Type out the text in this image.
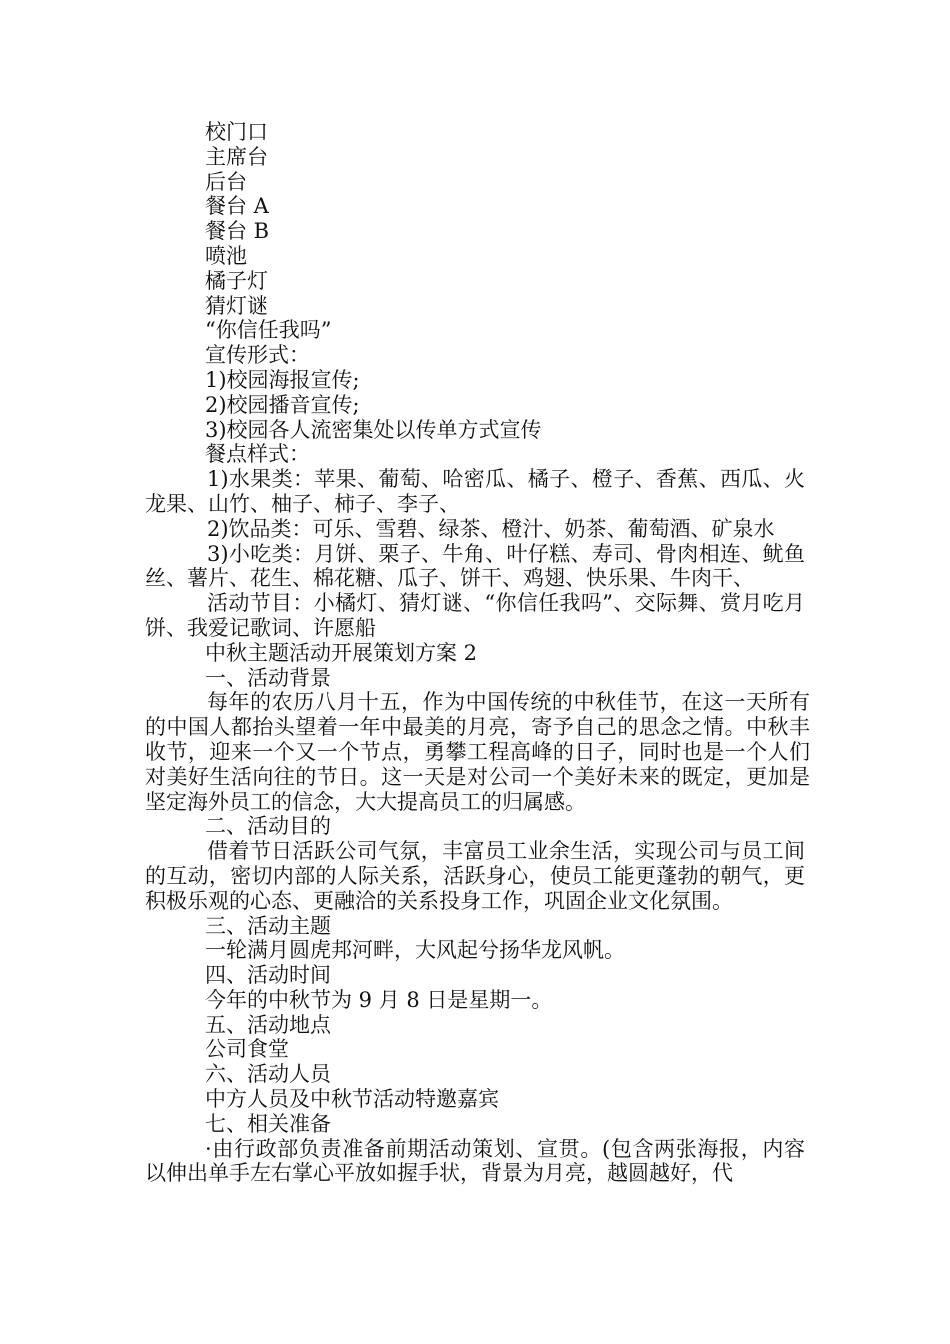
校门口

主席台

后台

餐台 A

餐台 B

喷池

橘子灯

猜灯谜

“你信任我吗”

宣传形式：

1)校园海报宣传;

2)校园播音宣传;

3)校园各人流密集处以传单方式宣传

餐点样式：

1)水果类：苹果、葡萄、哈密瓜、橘子、橙子、香蕉、西瓜、火龙果、山竹、柚子、柿子、李子、

2)饮品类：可乐、雪碧、绿茶、橙汁、奶茶、葡萄酒、矿泉水

3)小吃类：月饼、栗子、牛角、叶仔糕、寿司、骨肉相连、鱿鱼丝、薯片、花生、棉花糖、瓜子、饼干、鸡翅、快乐果、牛肉干、

活动节目：小橘灯、猜灯谜、“你信任我吗”、交际舞、赏月吃月饼、我爱记歌词、许愿船

中秋主题活动开展策划方案 2

一、活动背景

每年的农历八月十五，作为中国传统的中秋佳节，在这一天所有的中国人都抬头望着一年中最美的月亮，寄予自己的思念之情。中秋丰收节，迎来一个又一个节点，勇攀工程高峰的日子，同时也是一个人们对美好生活向往的节日。这一天是对公司一个美好未来的既定，更加是坚定海外员工的信念，大大提高员工的归属感。

二、活动目的

借着节日活跃公司气氛，丰富员工业余生活，实现公司与员工间的互动，密切内部的人际关系，活跃身心，使员工能更蓬勃的朝气，更积极乐观的心态、更融洽的关系投身工作，巩固企业文化氛围。

三、活动主题

一轮满月圆虎邦河畔，大风起兮扬华龙风帆。

四、活动时间

今年的中秋节为 9 月 8 日是星期一。

五、活动地点

公司食堂

六、活动人员

中方人员及中秋节活动特邀嘉宾

七、相关准备

·由行政部负责准备前期活动策划、宣贯。(包含两张海报，内容以伸出单手左右掌心平放如握手状，背景为月亮，越圆越好，代
